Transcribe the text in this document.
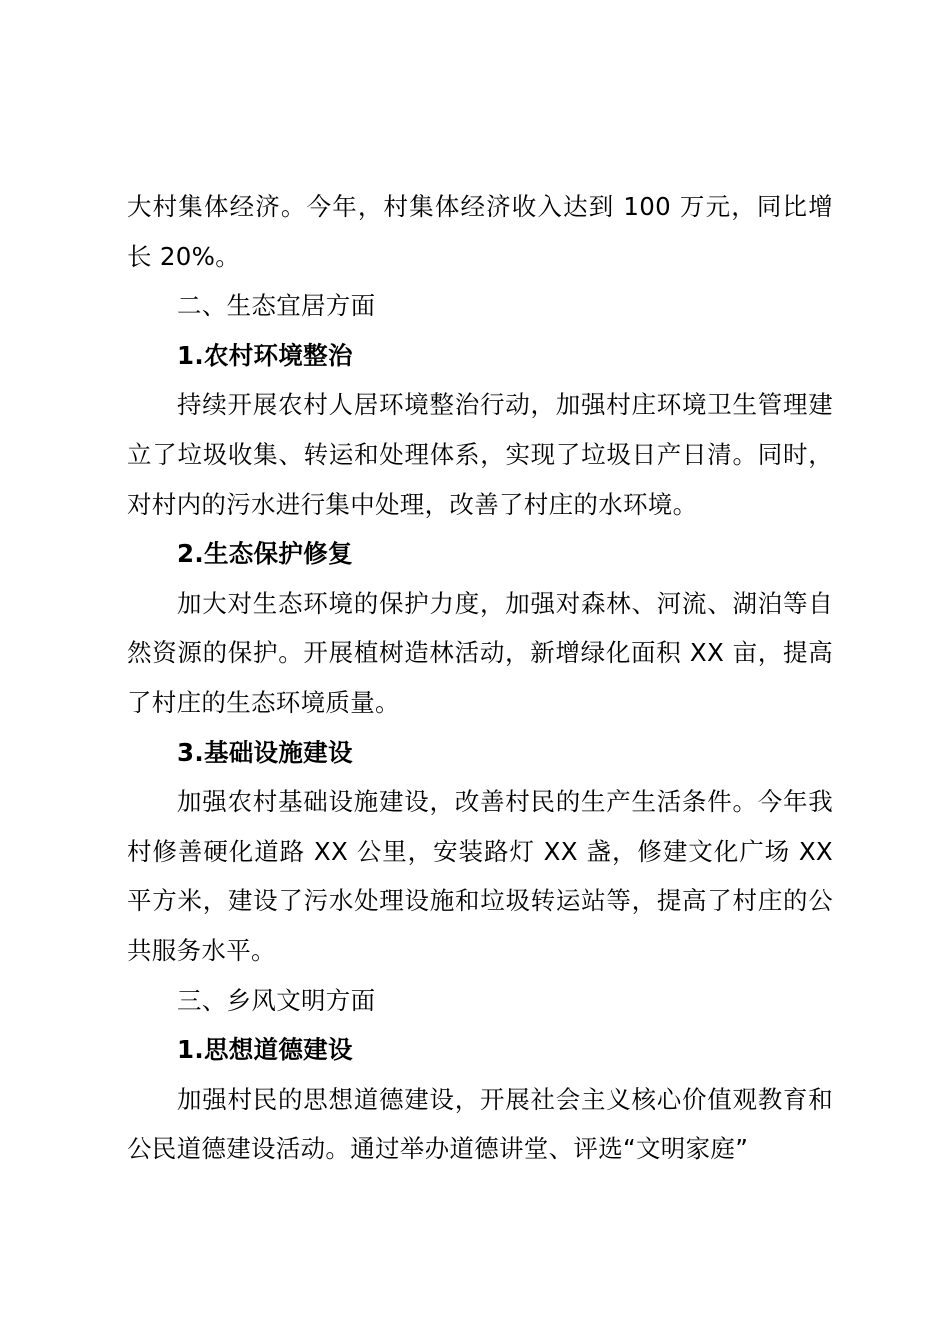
大村集体经济。今年，村集体经济收入达到 100 万元，同比增长 20%。

二、生态宜居方面

1.农村环境整治

持续开展农村人居环境整治行动，加强村庄环境卫生管理建立了垃圾收集、转运和处理体系，实现了垃圾日产日清。同时，对村内的污水进行集中处理，改善了村庄的水环境。

2.生态保护修复

加大对生态环境的保护力度，加强对森林、河流、湖泊等自然资源的保护。开展植树造林活动，新增绿化面积 XX 亩，提高了村庄的生态环境质量。

3.基础设施建设

加强农村基础设施建设，改善村民的生产生活条件。今年我村修善硬化道路 XX 公里，安装路灯 XX 盏，修建文化广场 XX 平方米，建设了污水处理设施和垃圾转运站等，提高了村庄的公共服务水平。

三、乡风文明方面

1.思想道德建设

加强村民的思想道德建设，开展社会主义核心价值观教育和公民道德建设活动。通过举办道德讲堂、评选“文明家庭”
